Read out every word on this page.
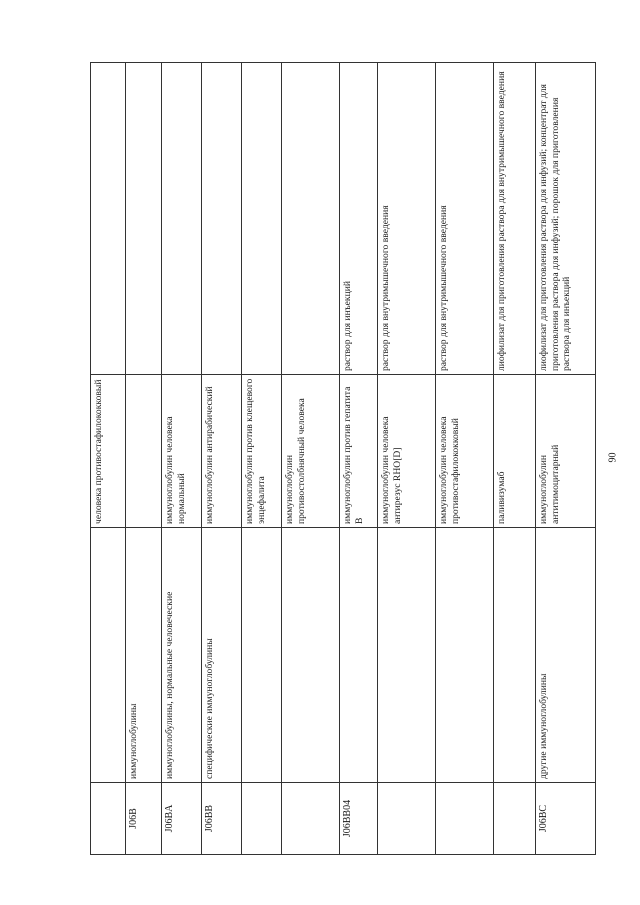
		человека противостафилококковый	
J06B	иммуноглобулины		
J06BA	иммуноглобулины, нормальные человеческие	иммуноглобулин человека нормальный	
J06BB	специфические иммуноглобулины	иммуноглобулин антирабический	
		иммуноглобулин против клещевого энцефалита	
		иммуноглобулин противостолбнячный человека	
J06BB04		иммуноглобулин против гепатита B	раствор для инъекций
		иммуноглобулин человека антирезус RHO[D]	раствор для внутримышечного введения
		иммуноглобулин человека противостафилококковый	раствор для внутримышечного введения
		паливизумаб	лиофилизат для приготовления раствора для внутримышечного введения
J06BC	другие иммуноглобулины	иммуноглобулин антитимоцитарный	лиофилизат для приготовления раствора для инфузий; концентрат для приготовления раствора для инфузий; порошок для приготовления раствора для инъекций
90
